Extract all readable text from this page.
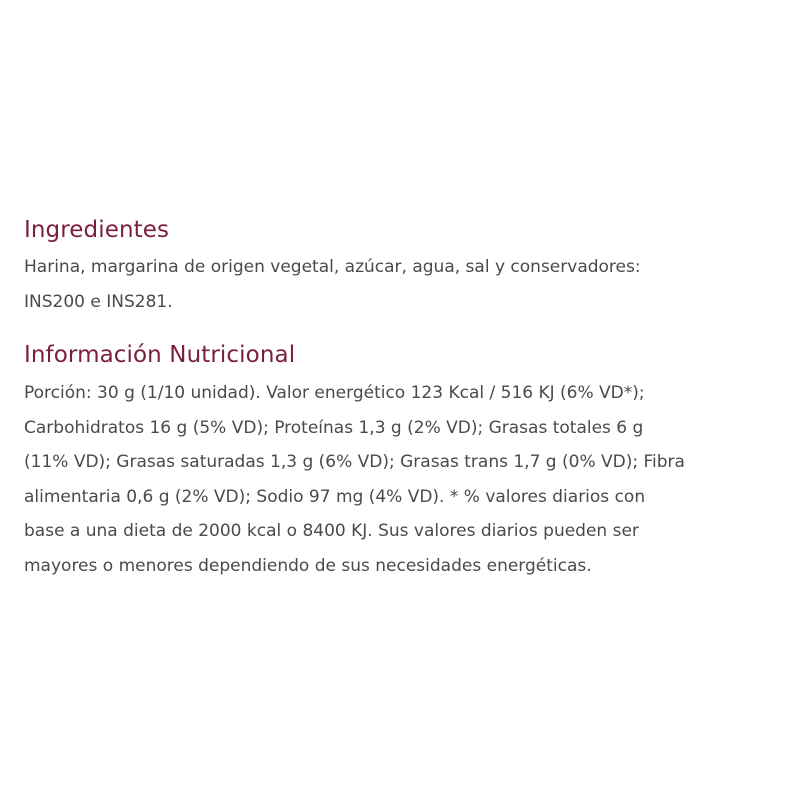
Ingredientes

Harina, margarina de origen vegetal, azúcar, agua, sal y conservadores:
INS200 e INS281.

Información Nutricional

Porción: 30 g (1/10 unidad). Valor energético 123 Kcal / 516 KJ (6% VD*);
Carbohidratos 16 g (5% VD); Proteínas 1,3 g (2% VD); Grasas totales 6 g
(11% VD); Grasas saturadas 1,3 g (6% VD); Grasas trans 1,7 g (0% VD); Fibra
alimentaria 0,6 g (2% VD); Sodio 97 mg (4% VD). * % valores diarios con
base a una dieta de 2000 kcal o 8400 KJ. Sus valores diarios pueden ser
mayores o menores dependiendo de sus necesidades energéticas.
